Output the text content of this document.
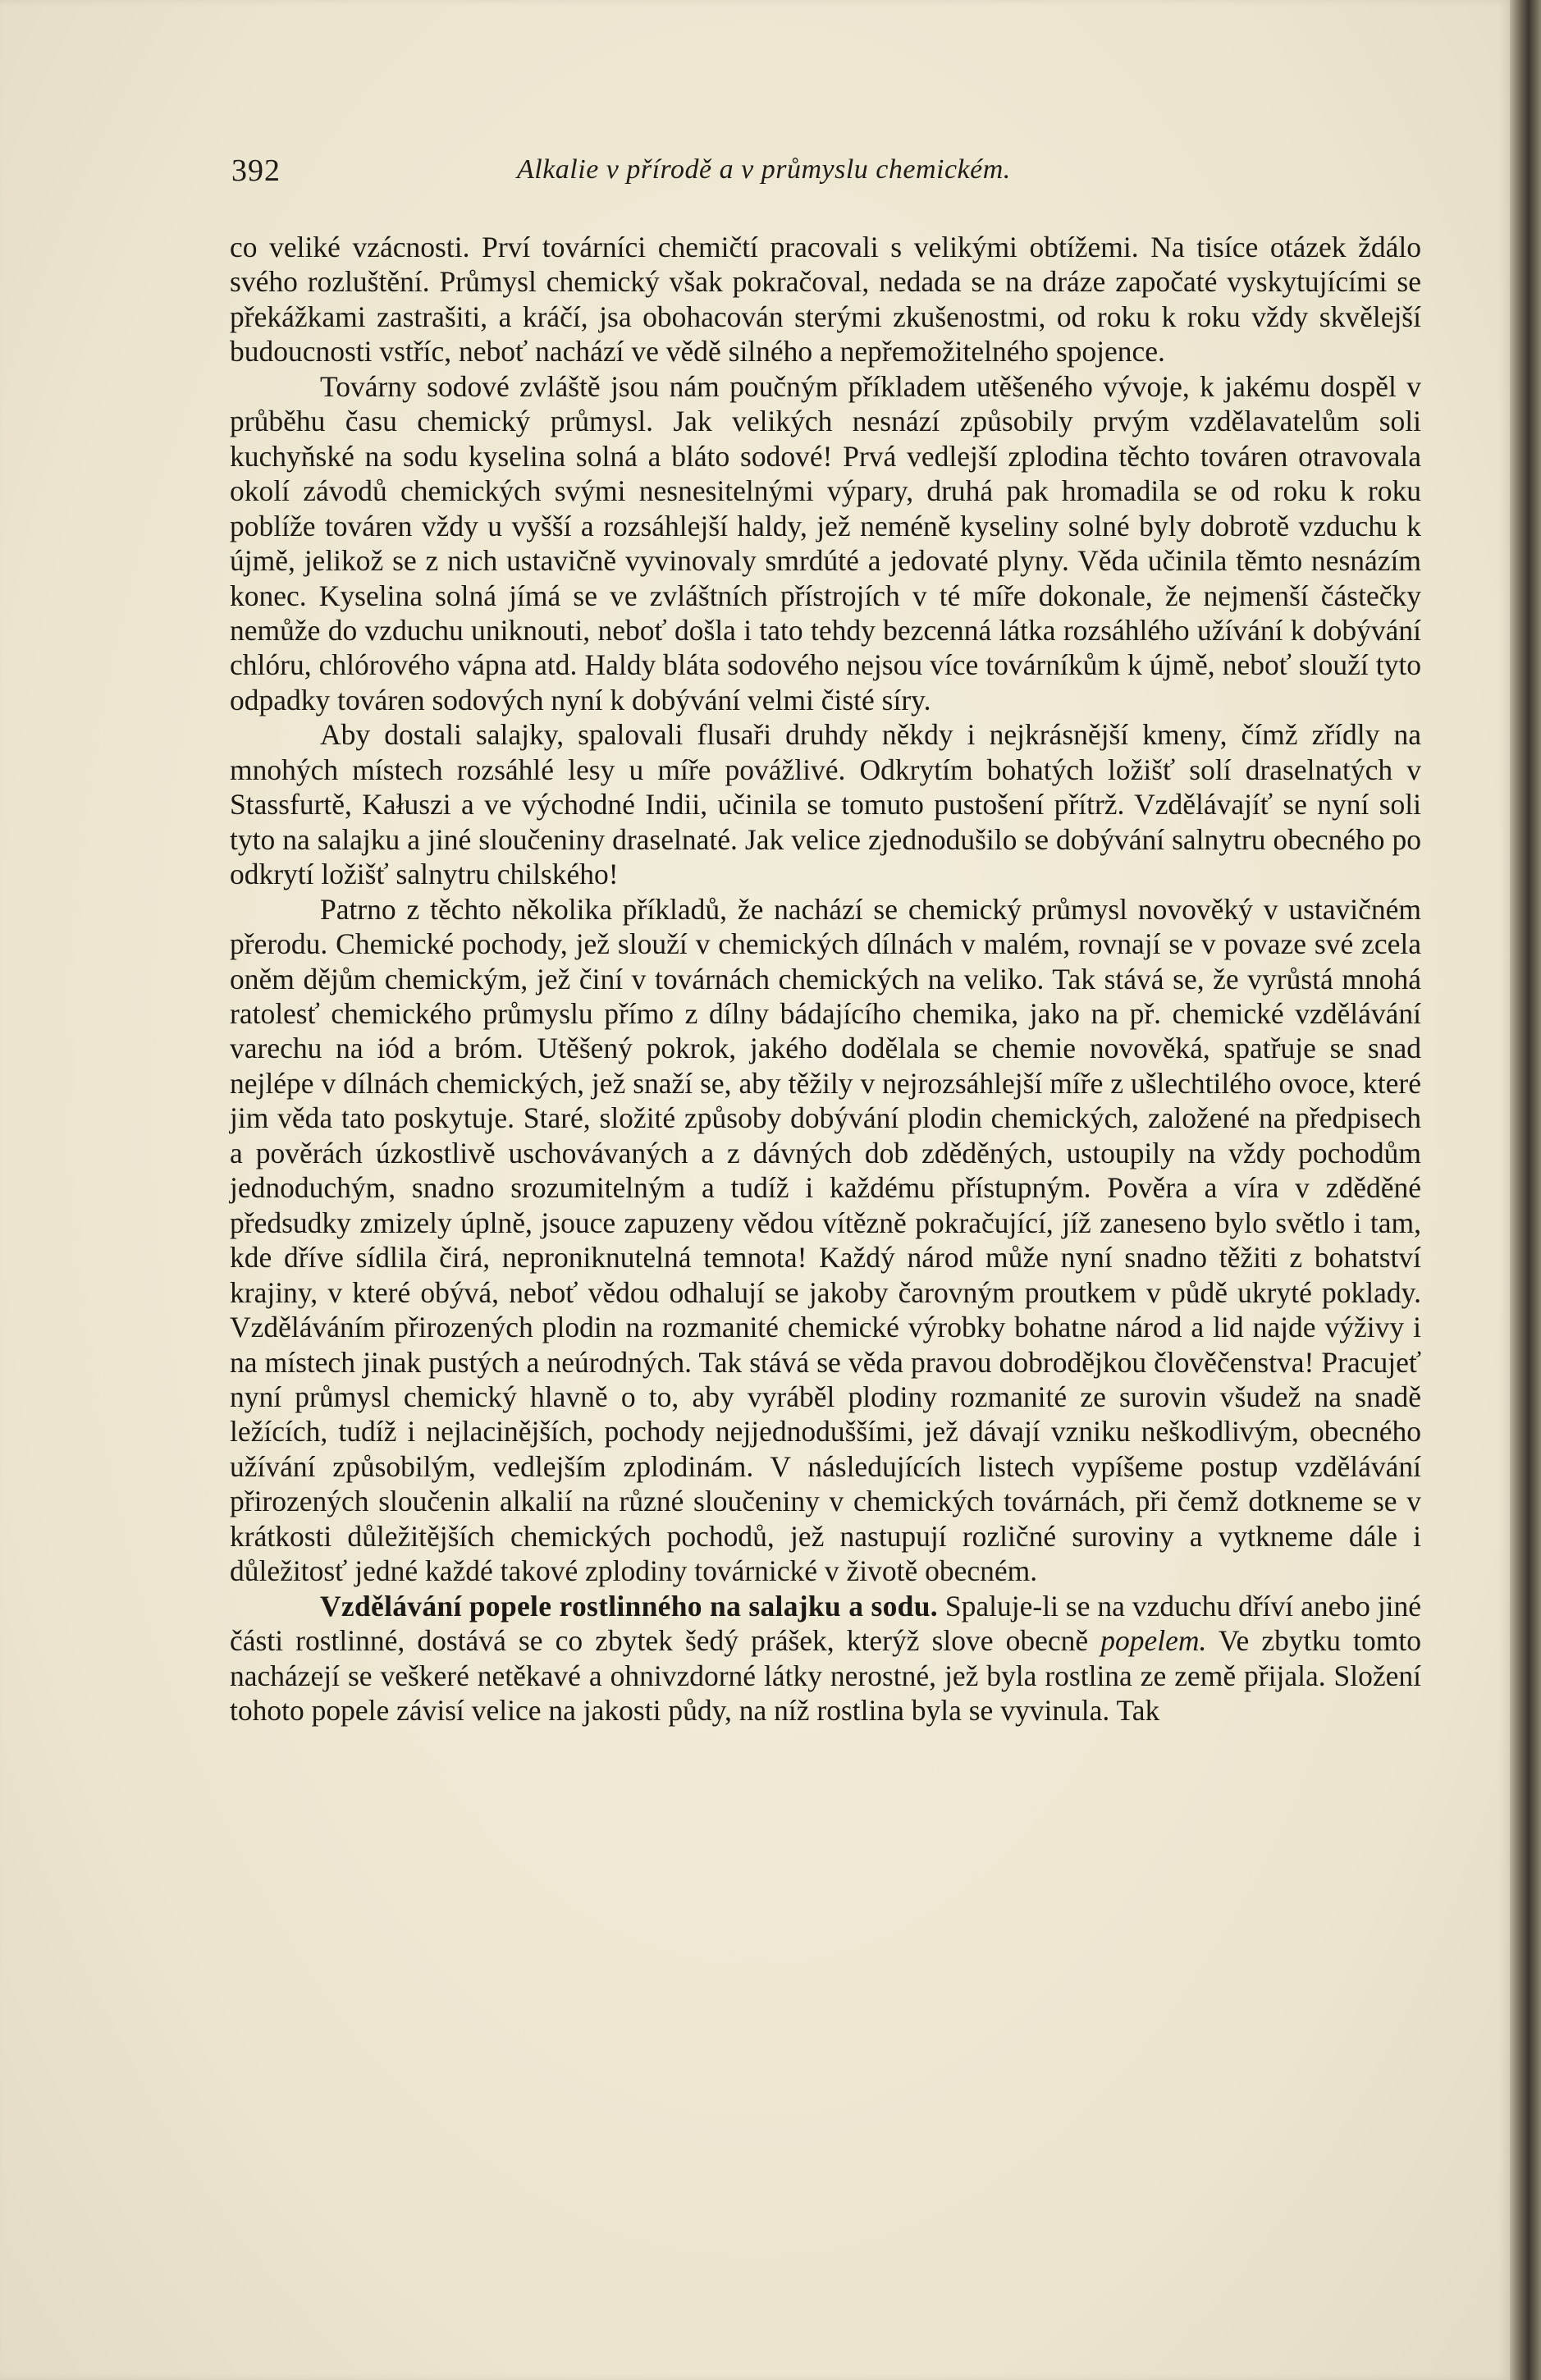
392	Alkalie v přírodě a v průmyslu chemickém.

co veliké vzácnosti. Prví továrníci chemičtí pracovali s velikými obtížemi. Na tisíce otázek ždálo svého rozluštění. Průmysl chemický však pokračoval, nedada se na dráze započaté vyskytujícími se překážkami zastrašiti, a kráčí, jsa obohacován sterými zkušenostmi, od roku k roku vždy skvělejší budoucnosti vstříc, neboť nachází ve vědě silného a nepřemožitelného spojence.

Továrny sodové zvláště jsou nám poučným příkladem utěšeného vývoje, k jakému dospěl v průběhu času chemický průmysl. Jak velikých nesnází způsobily prvým vzdělavatelům soli kuchyňské na sodu kyselina solná a bláto sodové! Prvá vedlejší zplodina těchto továren otravovala okolí závodů chemických svými nesnesitelnými výpary, druhá pak hromadila se od roku k roku poblíže továren vždy u vyšší a rozsáhlejší haldy, jež neméně kyseliny solné byly dobrotě vzduchu k újmě, jelikož se z nich ustavičně vyvinovaly smrdúté a jedovaté plyny. Věda učinila těmto nesnázím konec. Kyselina solná jímá se ve zvláštních přístrojích v té míře dokonale, že nejmenší částečky nemůže do vzduchu uniknouti, neboť došla i tato tehdy bezcenná látka rozsáhlého užívání k dobývání chlóru, chlórového vápna atd. Haldy bláta sodového nejsou více továrníkům k újmě, neboť slouží tyto odpadky továren sodových nyní k dobývání velmi čisté síry.

Aby dostali salajky, spalovali flusaři druhdy někdy i nejkrásnější kmeny, čímž zřídly na mnohých místech rozsáhlé lesy u míře povážlivé. Odkrytím bohatých ložišť solí draselnatých v Stassfurtě, Kałuszi a ve východné Indii, učinila se tomuto pustošení přítrž. Vzdělávajíť se nyní soli tyto na salajku a jiné sloučeniny draselnaté. Jak velice zjednodušilo se dobývání salnytru obecného po odkrytí ložišť salnytru chilského!

Patrno z těchto několika příkladů, že nachází se chemický průmysl novověký v ustavičném přerodu. Chemické pochody, jež slouží v chemických dílnách v malém, rovnají se v povaze své zcela oněm dějům chemickým, jež činí v továrnách chemických na veliko. Tak stává se, že vyrůstá mnohá ratolesť chemického průmyslu přímo z dílny bádajícího chemika, jako na př. chemické vzdělávání varechu na iód a bróm. Utěšený pokrok, jakého dodělala se chemie novověká, spatřuje se snad nejlépe v dílnách chemických, jež snaží se, aby těžily v nejrozsáhlejší míře z ušlechtilého ovoce, které jim věda tato poskytuje. Staré, složité způsoby dobývání plodin chemických, založené na předpisech a pověrách úzkostlivě uschovávaných a z dávných dob zděděných, ustoupily na vždy pochodům jednoduchým, snadno srozumitelným a tudíž i každému přístupným. Pověra a víra v zděděné předsudky zmizely úplně, jsouce zapuzeny vědou vítězně pokračující, jíž zaneseno bylo světlo i tam, kde dříve sídlila čirá, neproniknutelná temnota! Každý národ může nyní snadno těžiti z bohatství krajiny, v které obývá, neboť vědou odhalují se jakoby čarovným proutkem v půdě ukryté poklady. Vzděláváním přirozených plodin na rozmanité chemické výrobky bohatne národ a lid najde výživy i na místech jinak pustých a neúrodných. Tak stává se věda pravou dobrodějkou člověčenstva! Pracujeť nyní průmysl chemický hlavně o to, aby vyráběl plodiny rozmanité ze surovin všudež na snadě ležících, tudíž i nejlacinějších, pochody nejjednoduššími, jež dávají vzniku neškodlivým, obecného užívání způsobilým, vedlejším zplodinám. V následujících listech vypíšeme postup vzdělávání přirozených sloučenin alkalií na různé sloučeniny v chemických továrnách, při čemž dotkneme se v krátkosti důležitějších chemických pochodů, jež nastupují rozličné suroviny a vytkneme dále i důležitosť jedné každé takové zplodiny továrnické v životě obecném.

Vzdělávání popele rostlinného na salajku a sodu. Spaluje-li se na vzduchu dříví anebo jiné části rostlinné, dostává se co zbytek šedý prášek, kterýž slove obecně popelem. Ve zbytku tomto nacházejí se veškeré netěkavé a ohnivzdorné látky nerostné, jež byla rostlina ze země přijala. Složení tohoto popele závisí velice na jakosti půdy, na níž rostlina byla se vyvinula. Tak
